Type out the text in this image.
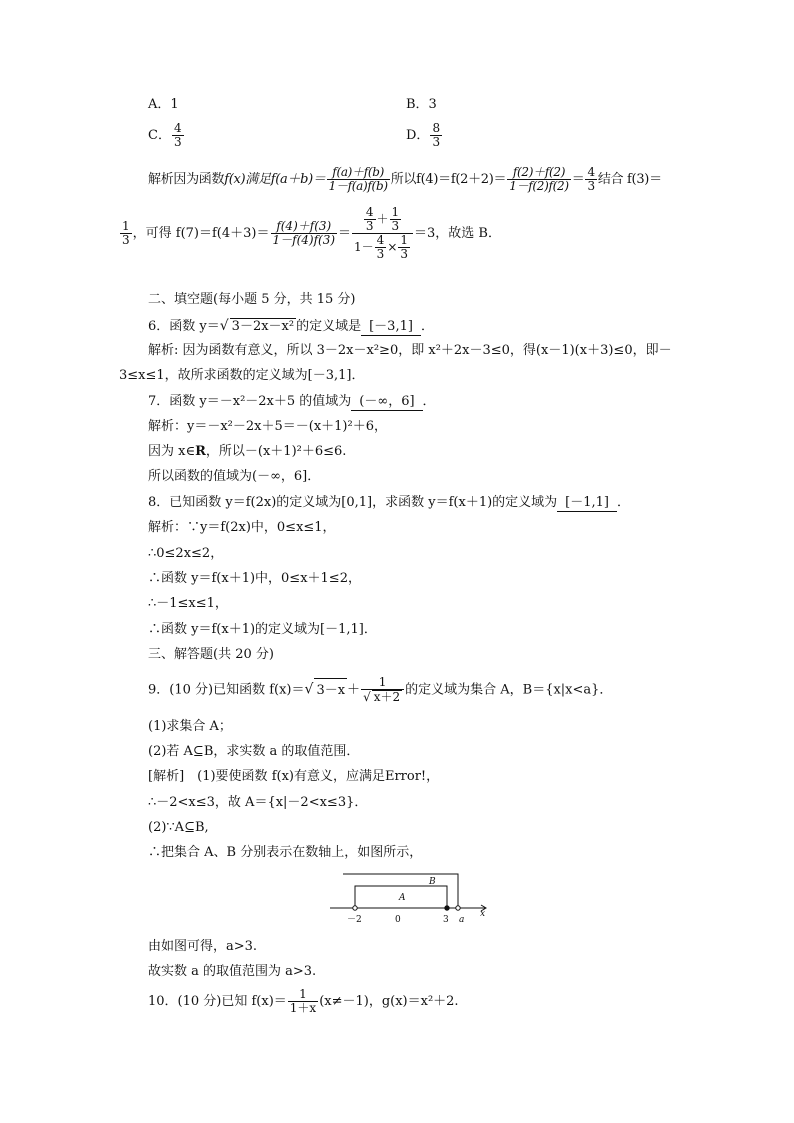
A．1	B．3
C． $\frac{4}{3}$	D． $\frac{8}{3}$
解析因为函数f(x)满足$f(a+b)= \frac{f(a)+f(b)}{1-f(a)f(b)}$ 所以$f(4)=f(2+2)= \frac{f(2)+f(2)}{1-f(2)f(2)} = \frac{4}{3}$ 结合 f(3)＝
$\frac{1}{3}$ ，可得 $f(7)=f(4+3)= \frac{f(4)+f(3)}{1-f(4)f(3)} = \frac{\frac{4}{3} + \frac{1}{3}}{1- \frac{4}{3} \times \frac{1}{3}} =3$，故选 B．
二、填空题(每小题 5 分，共 15 分)
6．函数 y＝√ 3－2x－x² 的定义域是 [－3,1] ．
解析: 因为函数有意义，所以 3－2x－x²≥0，即 x²＋2x－3≤0，得(x－1)(x＋3)≤0，即－
3≤x≤1，故所求函数的定义域为[－3,1]．
7．函数 y＝－x²－2x＋5 的值域为 (－∞，6] ．
解析：y＝－x²－2x＋5＝－(x＋1)²＋6，
因为 x∈R，所以－(x＋1)²＋6≤6.
所以函数的值域为(－∞，6]．
8．已知函数 y＝f(2x)的定义域为[0,1]，求函数 y＝f(x＋1)的定义域为 [－1,1] ．
解析：∵y＝f(2x)中，0≤x≤1，
∴0≤2x≤2，
∴函数 y＝f(x＋1)中，0≤x＋1≤2，
∴－1≤x≤1，
∴函数 y＝f(x＋1)的定义域为[－1,1]．
三、解答题(共 20 分)
9．(10 分)已知函数 f(x)＝√ $3-x + \frac{1}{√ x+2}$ 的定义域为集合 A，B＝{x|x<a}．
(1)求集合 A；
(2)若 A⊆B，求实数 a 的取值范围．
[解析]　(1)要使函数 f(x)有意义，应满足Error!，
∴－2<x≤3，故 A＝{x|－2<x≤3}．
(2)∵A⊆B,
∴把集合 A、B 分别表示在数轴上，如图所示，
B
A
－2	0	3 a
x
由如图可得，a>3.
故实数 a 的取值范围为 a>3.
10．(10 分)已知 $f(x)= \frac{1}{1+x} (x\ne-1)$，g(x)＝x²＋2.
